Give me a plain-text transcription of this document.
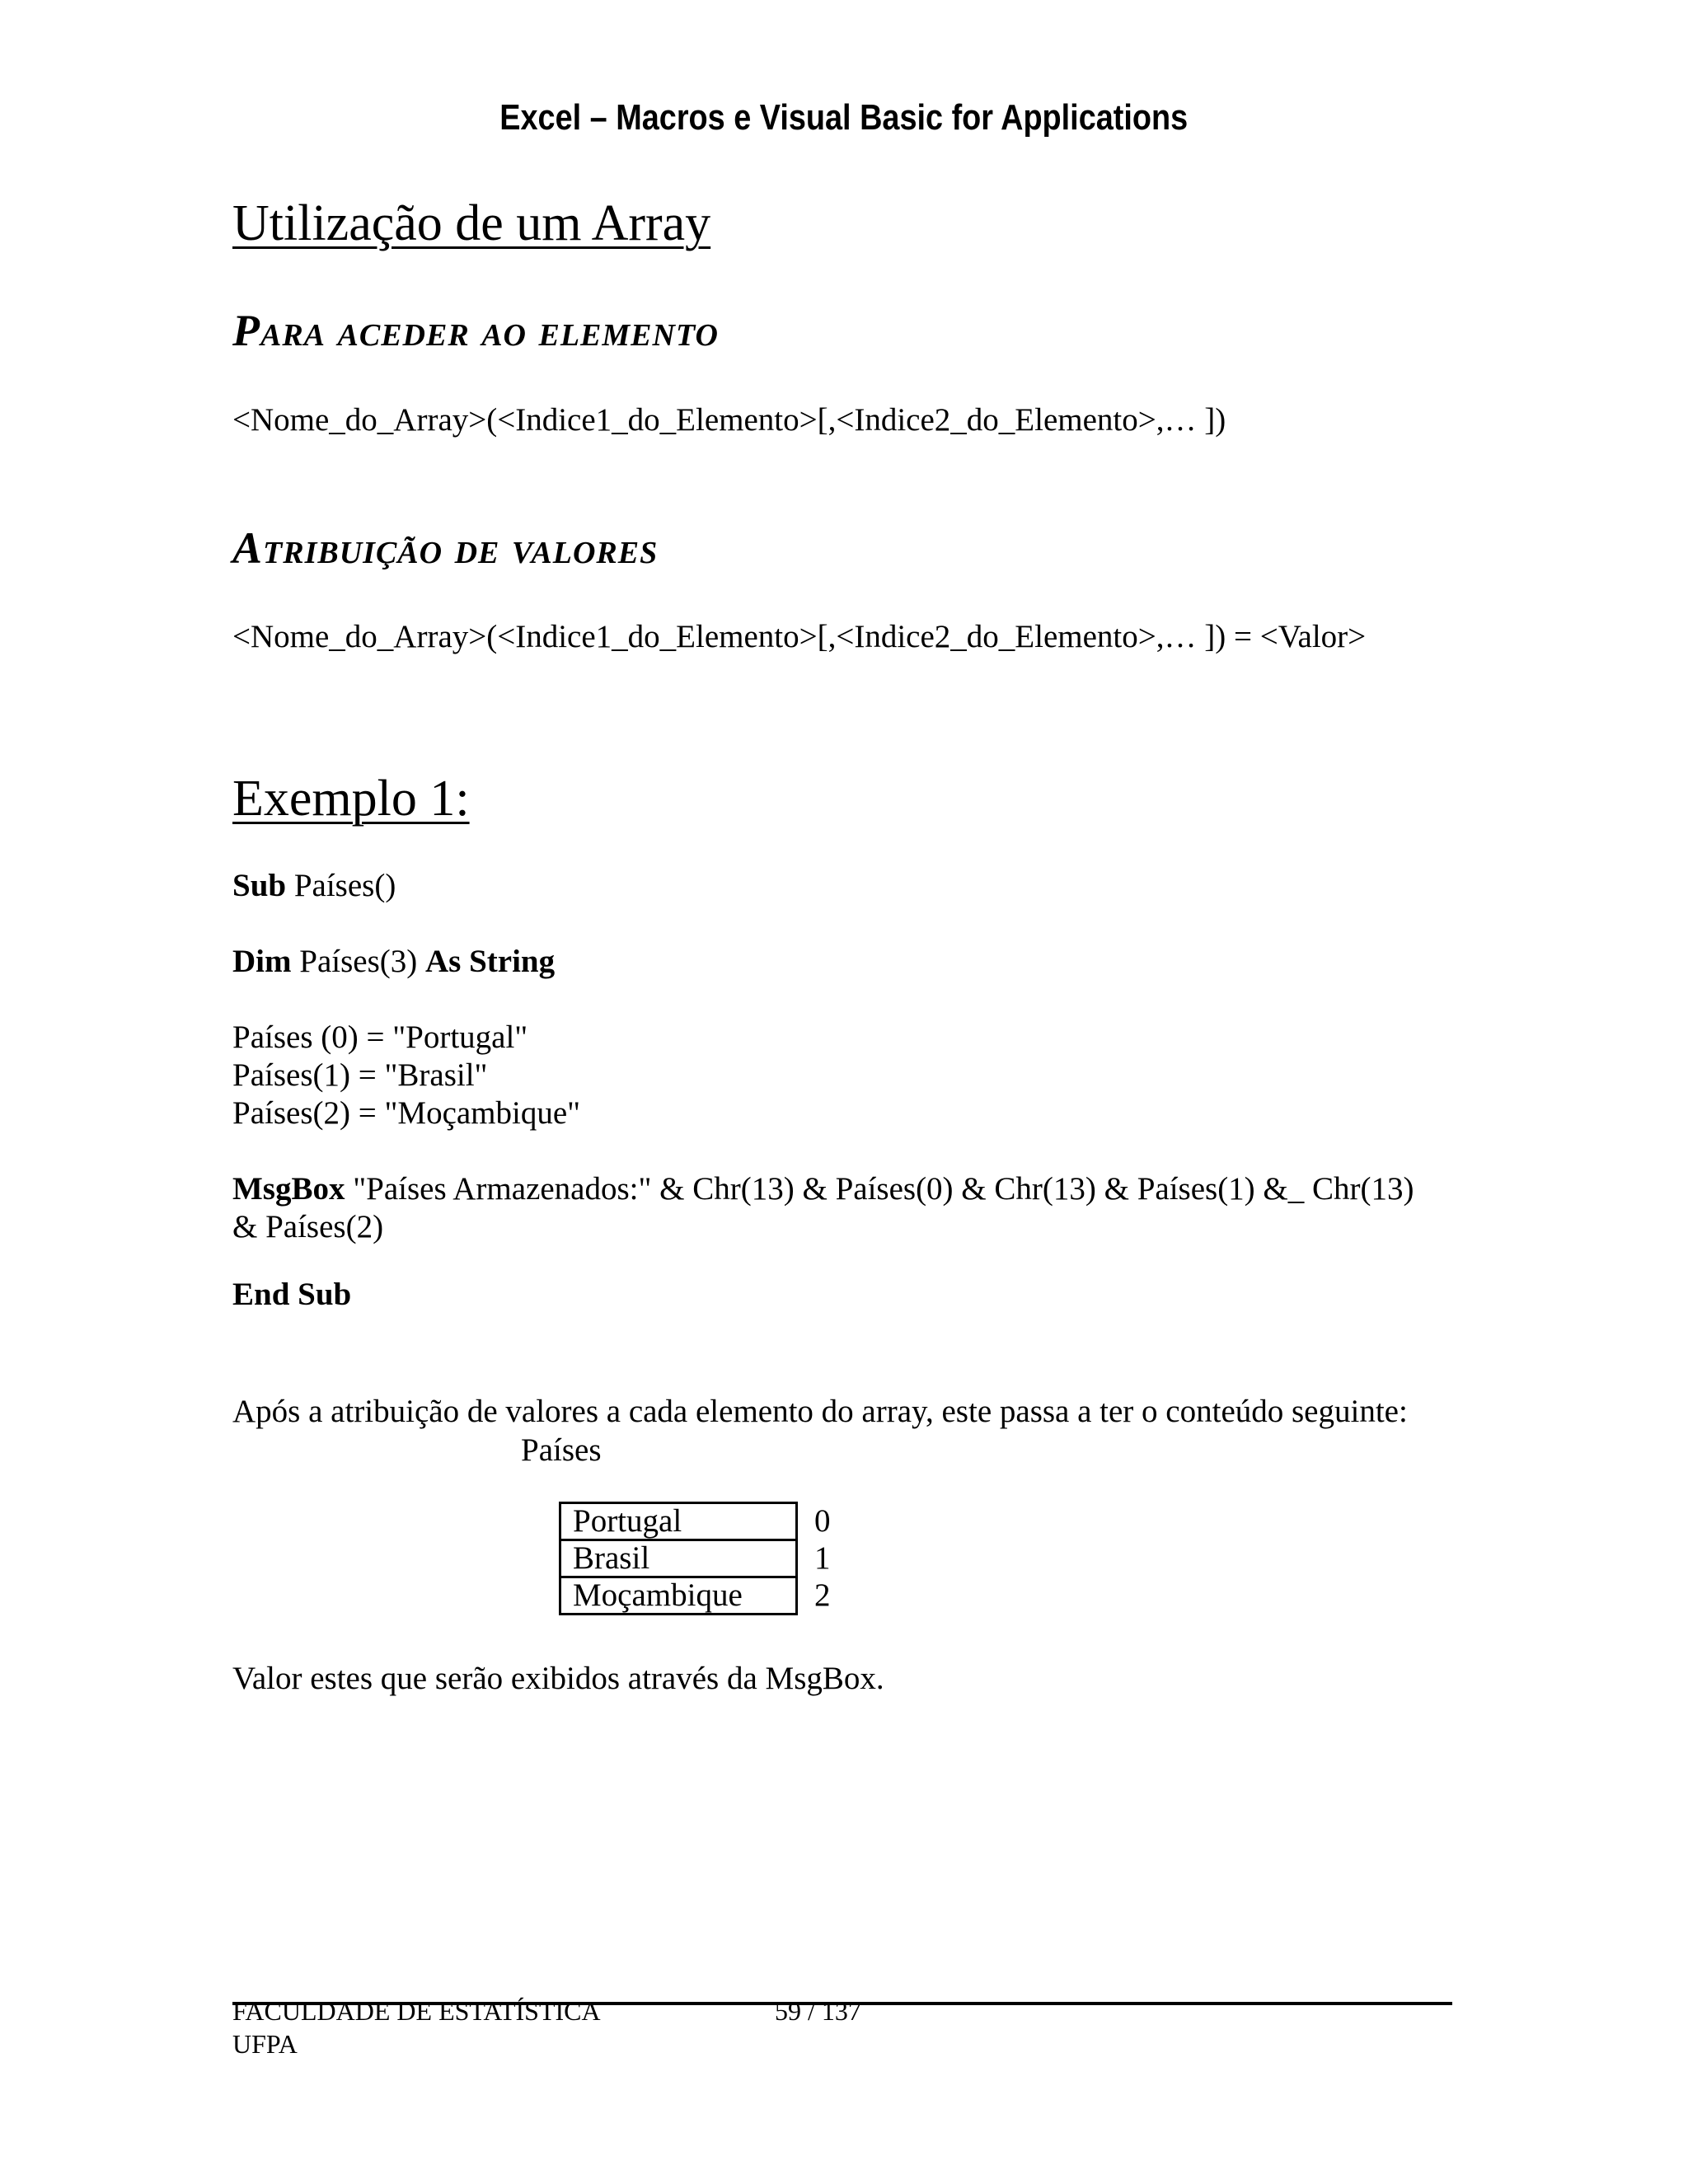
Excel – Macros e Visual Basic for Applications
Utilização de um Array
Para aceder ao elemento
<Nome_do_Array>(<Indice1_do_Elemento>[,<Indice2_do_Elemento>,… ])
Atribuição de valores
<Nome_do_Array>(<Indice1_do_Elemento>[,<Indice2_do_Elemento>,… ]) = <Valor>
Exemplo 1:
Sub Países()
Dim Países(3) As String
Países (0) = "Portugal"
Países(1) = "Brasil"
Países(2) = "Moçambique"
MsgBox "Países Armazenados:" & Chr(13) & Países(0) & Chr(13) & Países(1) &_ Chr(13)
& Países(2)
End Sub
Após a atribuição de valores a cada elemento do array, este passa a ter o conteúdo seguinte:
Países
Portugal	0
Brasil	1
Moçambique	2
Valor estes que serão exibidos através da MsgBox.
FACULDADE DE ESTATÍSTICA
UFPA
59 / 137
